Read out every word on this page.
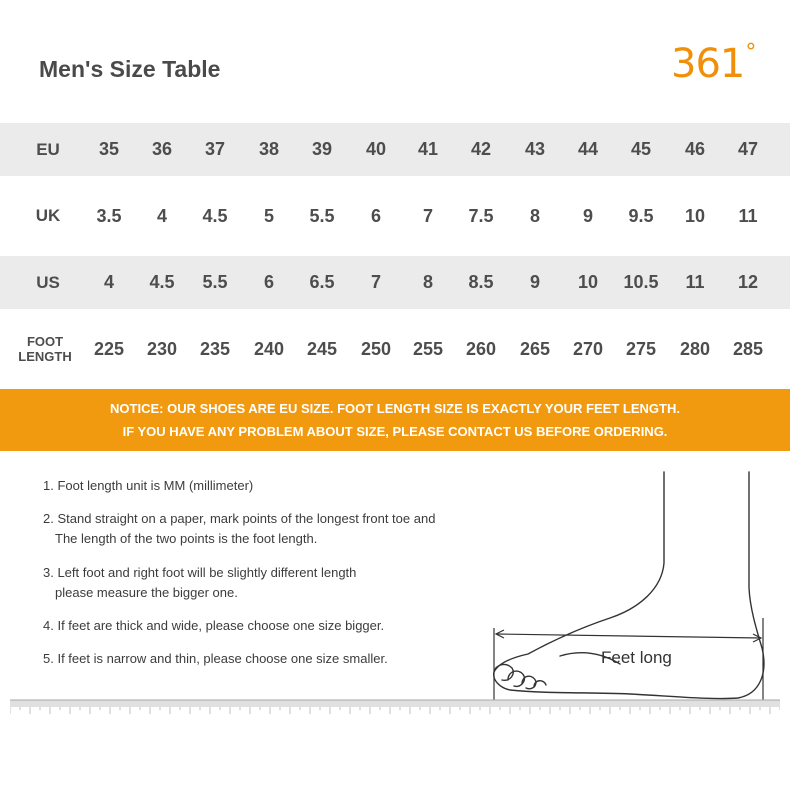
Men's Size Table	361°
EU	35	36	37	38	39	40	41	42	43	44	45	46	47
UK	3.5	4	4.5	5	5.5	6	7	7.5	8	9	9.5	10	11
US	4	4.5	5.5	6	6.5	7	8	8.5	9	10	10.5	11	12
FOOT
LENGTH	225	230	235	240	245	250	255	260	265	270	275	280	285
NOTICE: OUR SHOES ARE EU SIZE. FOOT LENGTH SIZE IS EXACTLY YOUR FEET LENGTH.
IF YOU HAVE ANY PROBLEM ABOUT SIZE, PLEASE CONTACT US BEFORE ORDERING.
1. Foot length unit is MM (millimeter)
2. Stand straight on a paper, mark points of the longest front toe and
The length of the two points is the foot length.
3. Left foot and right foot will be slightly different length
please measure the bigger one.
4. If feet are thick and wide, please choose one size bigger.
5. If feet is narrow and thin, please choose one size smaller.	Feet long
